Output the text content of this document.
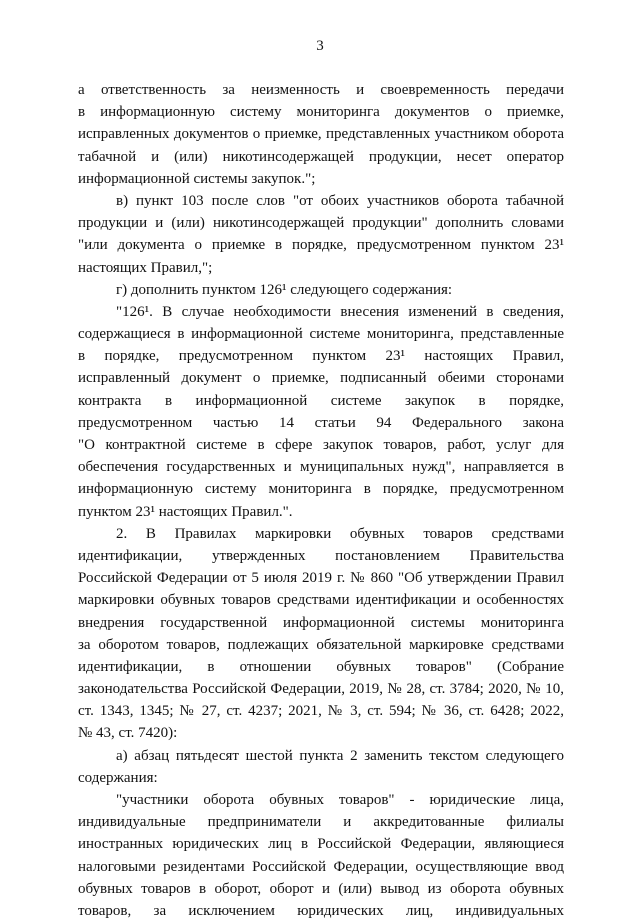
3
а ответственность за неизменность и своевременность передачи
в информационную систему мониторинга документов о приемке,
исправленных документов о приемке, представленных участником оборота
табачной и (или) никотинсодержащей продукции, несет оператор
информационной системы закупок.";
в) пункт 103 после слов "от обоих участников оборота табачной
продукции и (или) никотинсодержащей продукции" дополнить словами
"или документа о приемке в порядке, предусмотренном пунктом 23¹
настоящих Правил,";
г) дополнить пунктом 126¹ следующего содержания:
"126¹. В случае необходимости внесения изменений в сведения,
содержащиеся в информационной системе мониторинга, представленные
в порядке, предусмотренном пунктом 23¹ настоящих Правил,
исправленный документ о приемке, подписанный обеими сторонами
контракта в информационной системе закупок в порядке,
предусмотренном частью 14 статьи 94 Федерального закона
"О контрактной системе в сфере закупок товаров, работ, услуг для
обеспечения государственных и муниципальных нужд", направляется в
информационную систему мониторинга в порядке, предусмотренном
пунктом 23¹ настоящих Правил.".
2. В Правилах маркировки обувных товаров средствами
идентификации, утвержденных постановлением Правительства
Российской Федерации от 5 июля 2019 г. № 860 "Об утверждении Правил
маркировки обувных товаров средствами идентификации и особенностях
внедрения государственной информационной системы мониторинга
за оборотом товаров, подлежащих обязательной маркировке средствами
идентификации, в отношении обувных товаров" (Собрание
законодательства Российской Федерации, 2019, № 28, ст. 3784; 2020, № 10,
ст. 1343, 1345; № 27, ст. 4237; 2021, № 3, ст. 594; № 36, ст. 6428; 2022,
№ 43, ст. 7420):
а) абзац пятьдесят шестой пункта 2 заменить текстом следующего
содержания:
"участники оборота обувных товаров" - юридические лица,
индивидуальные предприниматели и аккредитованные филиалы
иностранных юридических лиц в Российской Федерации, являющиеся
налоговыми резидентами Российской Федерации, осуществляющие ввод
обувных товаров в оборот, оборот и (или) вывод из оборота обувных
товаров, за исключением юридических лиц, индивидуальных
